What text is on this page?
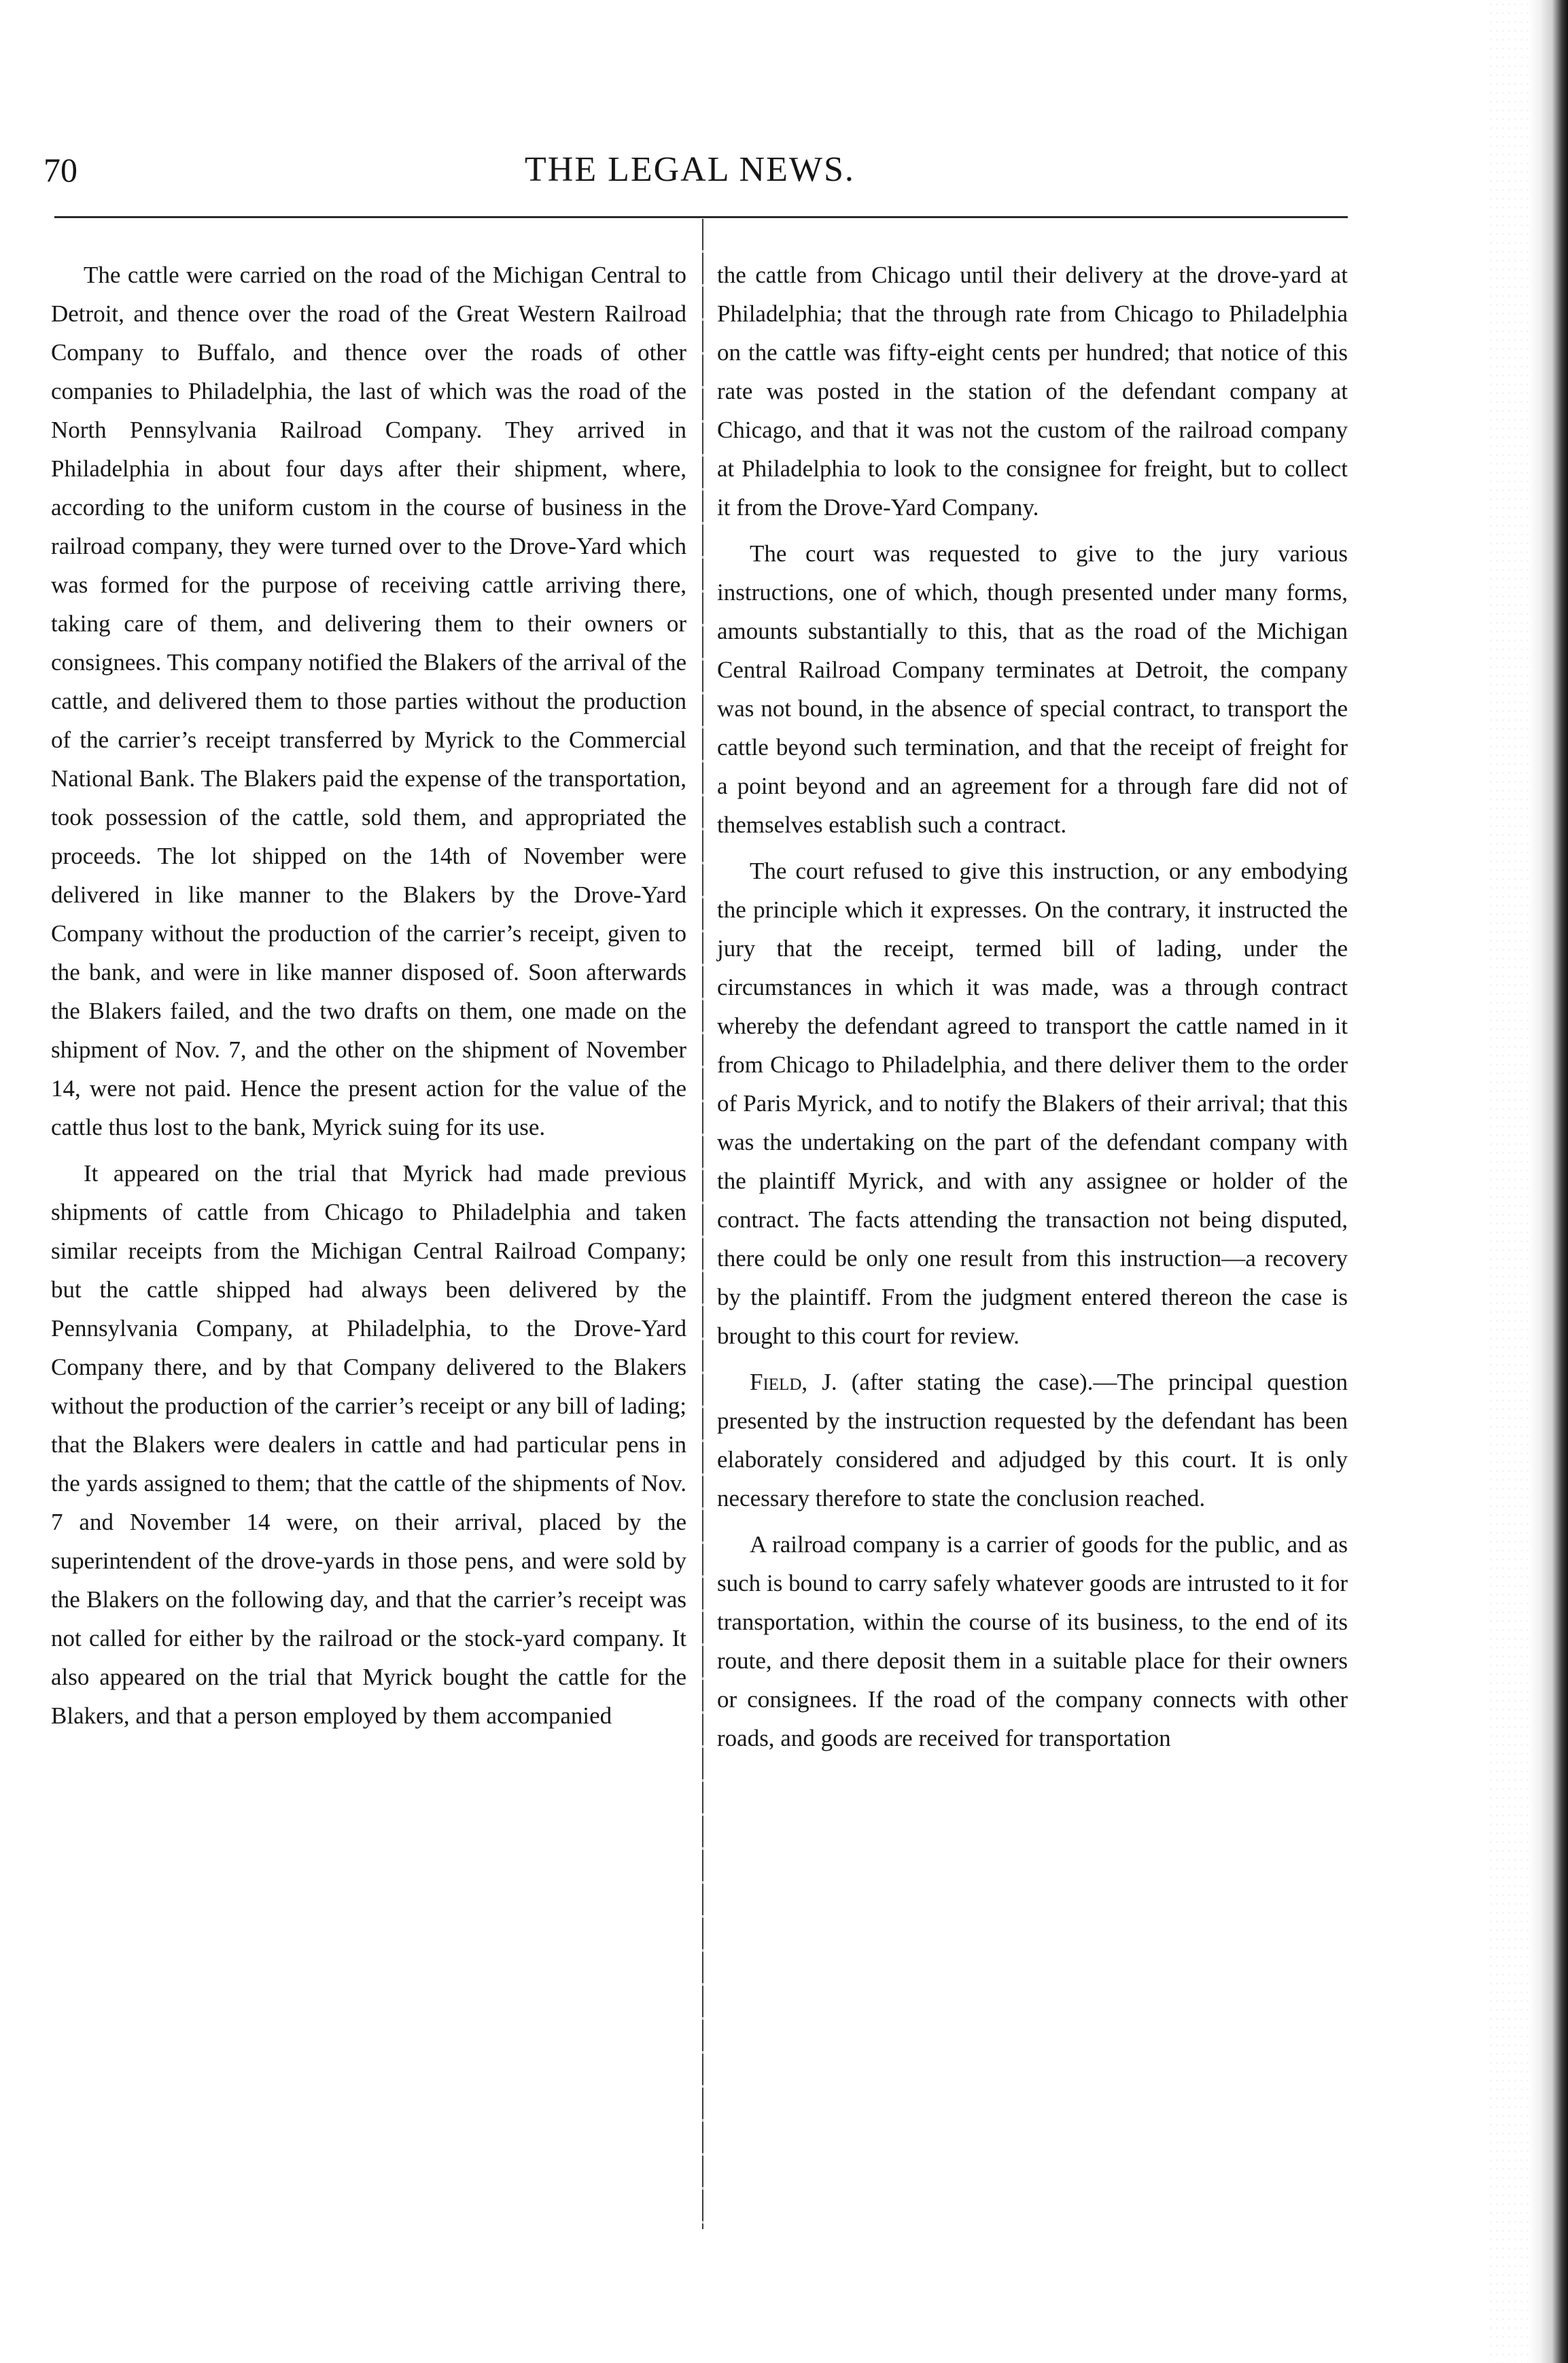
70	THE LEGAL NEWS.

The cattle were carried on the road of the Michigan Central to Detroit, and thence over the road of the Great Western Railroad Company to Buffalo, and thence over the roads of other companies to Philadelphia, the last of which was the road of the North Pennsylvania Railroad Company. They arrived in Philadelphia in about four days after their shipment, where, according to the uniform custom in the course of business in the railroad company, they were turned over to the Drove-Yard which was formed for the purpose of receiving cattle arriving there, taking care of them, and delivering them to their owners or consignees. This company notified the Blakers of the arrival of the cattle, and delivered them to those parties without the production of the carrier’s receipt transferred by Myrick to the Commercial National Bank. The Blakers paid the expense of the transportation, took possession of the cattle, sold them, and appropriated the proceeds. The lot shipped on the 14th of November were delivered in like manner to the Blakers by the Drove-Yard Company without the production of the carrier’s receipt, given to the bank, and were in like manner disposed of. Soon afterwards the Blakers failed, and the two drafts on them, one made on the shipment of Nov. 7, and the other on the shipment of November 14, were not paid. Hence the present action for the value of the cattle thus lost to the bank, Myrick suing for its use.

It appeared on the trial that Myrick had made previous shipments of cattle from Chicago to Philadelphia and taken similar receipts from the Michigan Central Railroad Company; but the cattle shipped had always been delivered by the Pennsylvania Company, at Philadelphia, to the Drove-Yard Company there, and by that Company delivered to the Blakers without the production of the carrier’s receipt or any bill of lading; that the Blakers were dealers in cattle and had particular pens in the yards assigned to them; that the cattle of the shipments of Nov. 7 and November 14 were, on their arrival, placed by the superintendent of the drove-yards in those pens, and were sold by the Blakers on the following day, and that the carrier’s receipt was not called for either by the railroad or the stock-yard company. It also appeared on the trial that Myrick bought the cattle for the Blakers, and that a person employed by them accompanied

the cattle from Chicago until their delivery at the drove-yard at Philadelphia; that the through rate from Chicago to Philadelphia on the cattle was fifty-eight cents per hundred; that notice of this rate was posted in the station of the defendant company at Chicago, and that it was not the custom of the railroad company at Philadelphia to look to the consignee for freight, but to collect it from the Drove-Yard Company.

The court was requested to give to the jury various instructions, one of which, though presented under many forms, amounts substantially to this, that as the road of the Michigan Central Railroad Company terminates at Detroit, the company was not bound, in the absence of special contract, to transport the cattle beyond such termination, and that the receipt of freight for a point beyond and an agreement for a through fare did not of themselves establish such a contract.

The court refused to give this instruction, or any embodying the principle which it expresses. On the contrary, it instructed the jury that the receipt, termed bill of lading, under the circumstances in which it was made, was a through contract whereby the defendant agreed to transport the cattle named in it from Chicago to Philadelphia, and there deliver them to the order of Paris Myrick, and to notify the Blakers of their arrival; that this was the undertaking on the part of the defendant company with the plaintiff Myrick, and with any assignee or holder of the contract. The facts attending the transaction not being disputed, there could be only one result from this instruction—a recovery by the plaintiff. From the judgment entered thereon the case is brought to this court for review.

Field, J. (after stating the case).—The principal question presented by the instruction requested by the defendant has been elaborately considered and adjudged by this court. It is only necessary therefore to state the conclusion reached.

A railroad company is a carrier of goods for the public, and as such is bound to carry safely whatever goods are intrusted to it for transportation, within the course of its business, to the end of its route, and there deposit them in a suitable place for their owners or consignees. If the road of the company connects with other roads, and goods are received for transportation
